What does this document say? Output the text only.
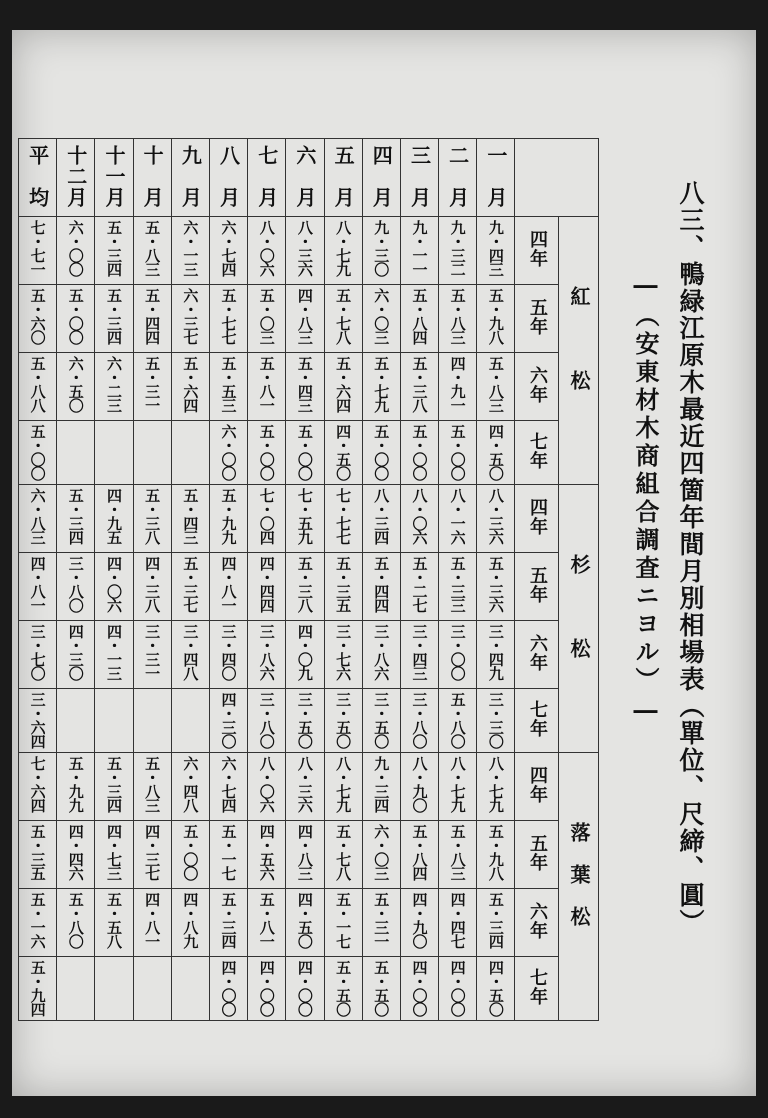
八三、鴨緑江原木最近四箇年間月別相場表（單位、尺締、圓）
―（安東材木商組合調査ニヨル）―
平　均	十二月	十一月	十　月	九　月	八　月	七　月	六　月	五　月	四　月	三　月	二　月	一　月		
七・七一	六・〇〇	五・三四	五・八三	六・一三	六・七四	八・〇六	八・三六	八・七九	九・三〇	九・一一	九・三二	九・四三	四年	紅　松
五・六〇	五・〇〇	五・三四	五・四四	六・三七	五・七七	五・〇三	四・八三	五・七八	六・〇三	五・八四	五・八三	五・九八	五年	
五・八八	六・五〇	六・二三	五・三一	五・六四	五・五三	五・八一	五・四三	五・六四	五・七九	五・三八	四・九一	五・八三	六年	
五・〇〇					六・〇〇	五・〇〇	五・〇〇	四・五〇	五・〇〇	五・〇〇	五・〇〇	四・五〇	七年	
六・八三	五・三四	四・九五	五・三八	五・四三	五・九九	七・〇四	七・五九	七・七七	八・三四	八・〇六	八・一六	八・三六	四年	杉　松
四・八一	三・八〇	四・〇六	四・三八	五・三七	四・八一	四・四四	五・三八	五・三五	五・四四	五・二七	五・三三	五・三六	五年	
三・七〇	四・三〇	四・一三	三・三一	三・四八	三・四〇	三・八六	四・〇九	三・七六	三・八六	三・四三	三・〇〇	三・四九	六年	
三・六四					四・三〇	三・八〇	三・五〇	三・五〇	三・五〇	三・八〇	五・八〇	三・三〇	七年	
七・六四	五・九九	五・三四	五・八三	六・四八	六・七四	八・〇六	八・三六	八・七九	九・三四	八・九〇	八・七九	八・七九	四年	落葉松
五・三五	四・四六	四・七三	四・三七	五・〇〇	五・一七	四・五六	四・八三	五・七八	六・〇三	五・八四	五・八三	五・九八	五年	
五・一六	五・八〇	五・五八	四・八一	四・八九	五・三四	五・八一	四・五〇	五・一七	五・三一	四・九〇	四・四七	五・三四	六年	
五・九四					四・〇〇	四・〇〇	四・〇〇	五・五〇	五・五〇	四・〇〇	四・〇〇	四・五〇	七年	
